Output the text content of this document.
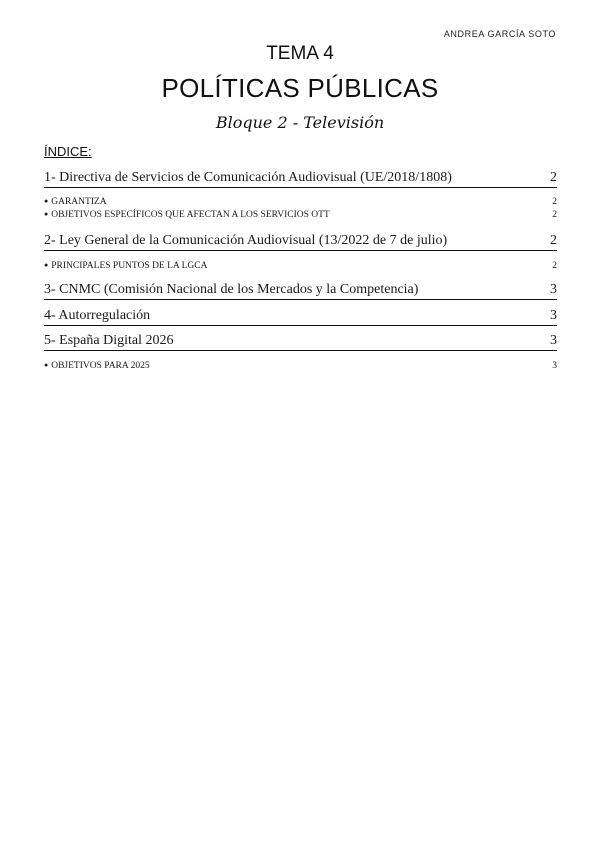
ANDREA GARCÍA SOTO
TEMA 4
POLÍTICAS PÚBLICAS
Bloque 2 - Televisión
ÍNDICE:
1- Directiva de Servicios de Comunicación Audiovisual (UE/2018/1808)	2
● GARANTIZA	2
● OBJETIVOS ESPECÍFICOS QUE AFECTAN A LOS SERVICIOS OTT	2
2- Ley General de la Comunicación Audiovisual (13/2022 de 7 de julio)	2
● PRINCIPALES PUNTOS DE LA LGCA	2
3- CNMC (Comisión Nacional de los Mercados y la Competencia)	3
4- Autorregulación	3
5- España Digital 2026	3
● OBJETIVOS PARA 2025	3
